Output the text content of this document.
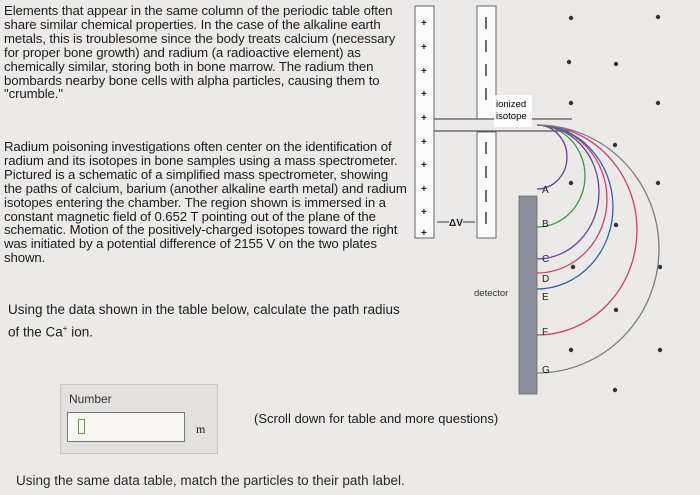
Elements that appear in the same column of the periodic table often share similar chemical properties. In the case of the alkaline earth metals, this is troublesome since the body treats calcium (necessary for proper bone growth) and radium (a radioactive element) as chemically similar, storing both in bone marrow. The radium then bombards nearby bone cells with alpha particles, causing them to "crumble."

Radium poisoning investigations often center on the identification of radium and its isotopes in bone samples using a mass spectrometer. Pictured is a schematic of a simplified mass spectrometer, showing the paths of calcium, barium (another alkaline earth metal) and radium isotopes entering the chamber. The region shown is immersed in a constant magnetic field of 0.652 T pointing out of the plane of the schematic. Motion of the positively-charged isotopes toward the right was initiated by a potential difference of 2155 V on the two plates shown.

Using the data shown in the table below, calculate the path radius of the Ca+ ion.
Number
m
(Scroll down for table and more questions)
Using the same data table, match the particles to their path label.
+
+
+
+
+
+
+
+
+
+
ΔV
ionized
isotope
detector
A
B
C
D
E
F
G
